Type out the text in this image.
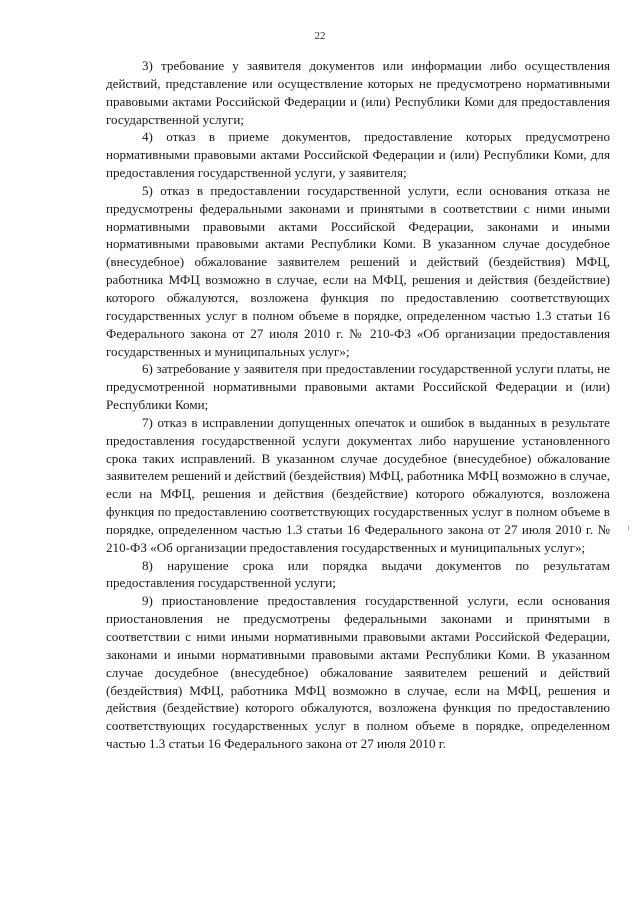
22

3) требование у заявителя документов или информации либо осуществления действий, представление или осуществление которых не предусмотрено нормативными правовыми актами Российской Федерации и (или) Республики Коми для предоставления государственной услуги;

4) отказ в приеме документов, предоставление которых предусмотрено нормативными правовыми актами Российской Федерации и (или) Республики Коми, для предоставления государственной услуги, у заявителя;

5) отказ в предоставлении государственной услуги, если основания отказа не предусмотрены федеральными законами и принятыми в соответствии с ними иными нормативными правовыми актами Российской Федерации, законами и иными нормативными правовыми актами Республики Коми. В указанном случае досудебное (внесудебное) обжалование заявителем решений и действий (бездействия) МФЦ, работника МФЦ возможно в случае, если на МФЦ, решения и действия (бездействие) которого обжалуются, возложена функция по предоставлению соответствующих государственных услуг в полном объеме в порядке, определенном частью 1.3 статьи 16 Федерального закона от 27 июля 2010 г. № 210-ФЗ «Об организации предоставления государственных и муниципальных услуг»;

6) затребование у заявителя при предоставлении государственной услуги платы, не предусмотренной нормативными правовыми актами Российской Федерации и (или) Республики Коми;

7) отказ в исправлении допущенных опечаток и ошибок в выданных в результате предоставления государственной услуги документах либо нарушение установленного срока таких исправлений. В указанном случае досудебное (внесудебное) обжалование заявителем решений и действий (бездействия) МФЦ, работника МФЦ возможно в случае, если на МФЦ, решения и действия (бездействие) которого обжалуются, возложена функция по предоставлению соответствующих государственных услуг в полном объеме в порядке, определенном частью 1.3 статьи 16 Федерального закона от 27 июля 2010 г. № 210-ФЗ «Об организации предоставления государственных и муниципальных услуг»;

8) нарушение срока или порядка выдачи документов по результатам предоставления государственной услуги;

9) приостановление предоставления государственной услуги, если основания приостановления не предусмотрены федеральными законами и принятыми в соответствии с ними иными нормативными правовыми актами Российской Федерации, законами и иными нормативными правовыми актами Республики Коми. В указанном случае досудебное (внесудебное) обжалование заявителем решений и действий (бездействия) МФЦ, работника МФЦ возможно в случае, если на МФЦ, решения и действия (бездействие) которого обжалуются, возложена функция по предоставлению соответствующих государственных услуг в полном объеме в порядке, определенном частью 1.3 статьи 16 Федерального закона от 27 июля 2010 г.
